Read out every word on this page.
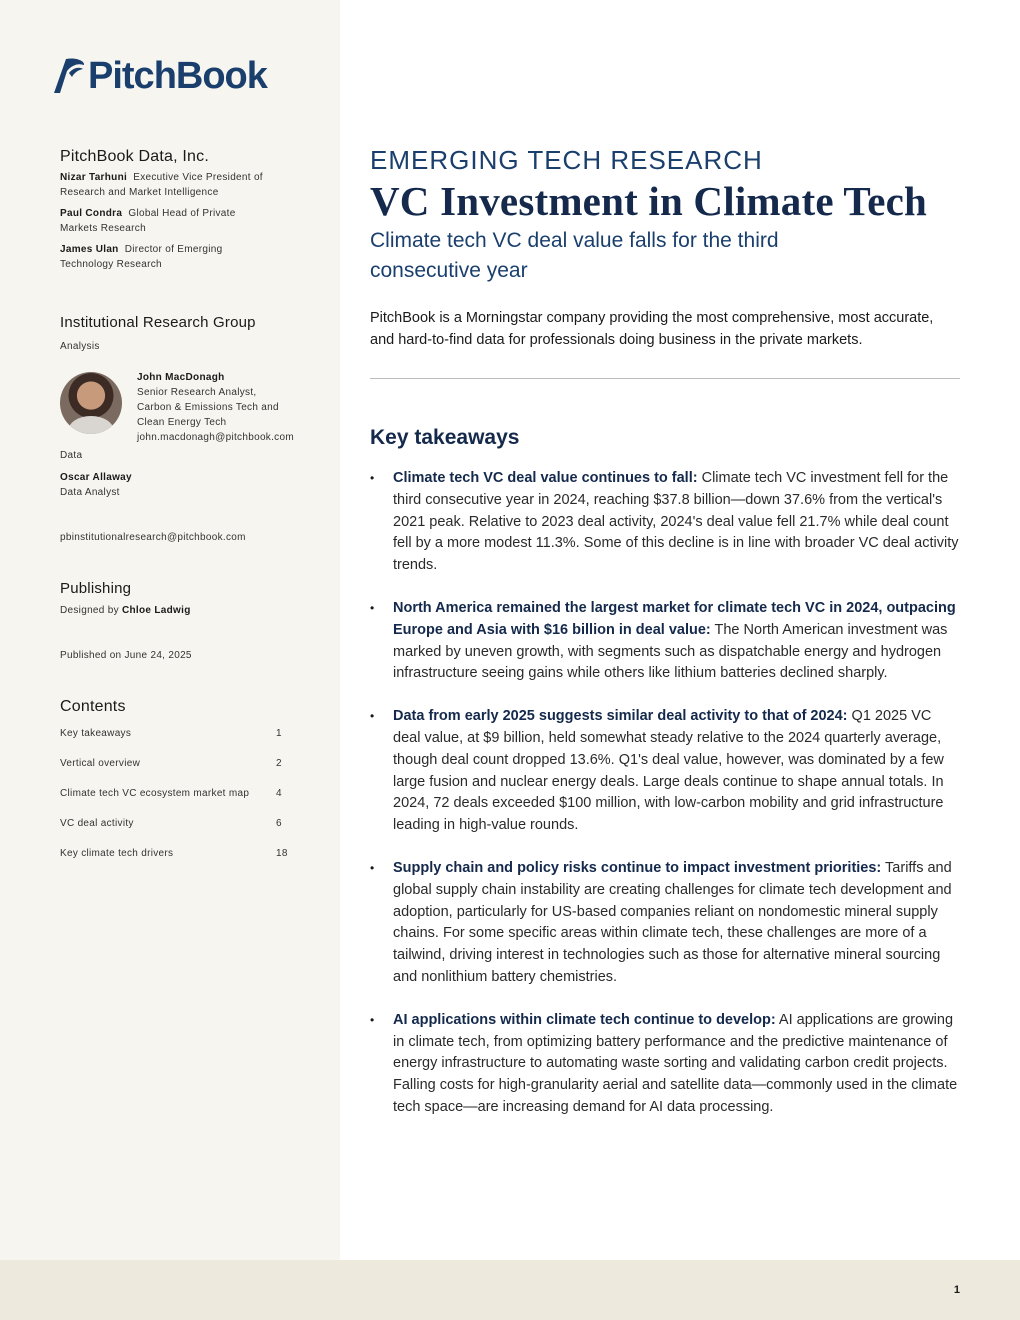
PitchBook
PitchBook Data, Inc.
Nizar Tarhuni Executive Vice President of
Research and Market Intelligence
Paul Condra Global Head of Private
Markets Research
James Ulan Director of Emerging
Technology Research
Institutional Research Group
Analysis
John MacDonagh
Senior Research Analyst,
Carbon & Emissions Tech and
Clean Energy Tech
john.macdonagh@pitchbook.com
Data
Oscar Allaway
Data Analyst
pbinstitutionalresearch@pitchbook.com
Publishing
Designed by Chloe Ladwig
Published on June 24, 2025
Contents
Key takeaways	1
Vertical overview	2
Climate tech VC ecosystem market map	4
VC deal activity	6
Key climate tech drivers	18
EMERGING TECH RESEARCH
VC Investment in Climate Tech
Climate tech VC deal value falls for the third
consecutive year
PitchBook is a Morningstar company providing the most comprehensive, most accurate, and hard-to-find data for professionals doing business in the private markets.
Key takeaways
• Climate tech VC deal value continues to fall: Climate tech VC investment fell for the third consecutive year in 2024, reaching $37.8 billion—down 37.6% from the vertical's 2021 peak. Relative to 2023 deal activity, 2024's deal value fell 21.7% while deal count fell by a more modest 11.3%. Some of this decline is in line with broader VC deal activity trends.
• North America remained the largest market for climate tech VC in 2024, outpacing Europe and Asia with $16 billion in deal value: The North American investment was marked by uneven growth, with segments such as dispatchable energy and hydrogen infrastructure seeing gains while others like lithium batteries declined sharply.
• Data from early 2025 suggests similar deal activity to that of 2024: Q1 2025 VC deal value, at $9 billion, held somewhat steady relative to the 2024 quarterly average, though deal count dropped 13.6%. Q1's deal value, however, was dominated by a few large fusion and nuclear energy deals. Large deals continue to shape annual totals. In 2024, 72 deals exceeded $100 million, with low-carbon mobility and grid infrastructure leading in high-value rounds.
• Supply chain and policy risks continue to impact investment priorities: Tariffs and global supply chain instability are creating challenges for climate tech development and adoption, particularly for US-based companies reliant on nondomestic mineral supply chains. For some specific areas within climate tech, these challenges are more of a tailwind, driving interest in technologies such as those for alternative mineral sourcing and nonlithium battery chemistries.
• AI applications within climate tech continue to develop: AI applications are growing in climate tech, from optimizing battery performance and the predictive maintenance of energy infrastructure to automating waste sorting and validating carbon credit projects. Falling costs for high-granularity aerial and satellite data—commonly used in the climate tech space—are increasing demand for AI data processing.
1
